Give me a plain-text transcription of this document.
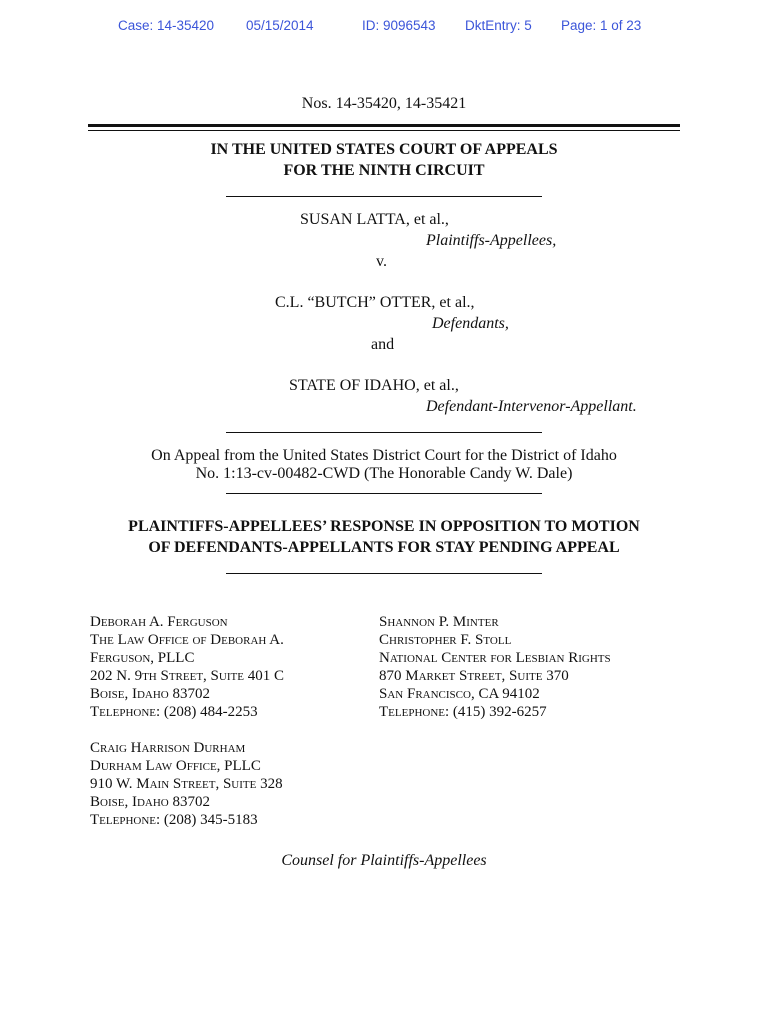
Case: 14-35420 05/15/2014	ID: 9096543 DktEntry: 5 Page: 1 of 23
Nos. 14-35420, 14-35421
IN THE UNITED STATES COURT OF APPEALS
FOR THE NINTH CIRCUIT
SUSAN LATTA, et al.,
Plaintiffs-Appellees,
v.
C.L. “BUTCH” OTTER, et al.,
Defendants,
and
STATE OF IDAHO, et al.,
Defendant-Intervenor-Appellant.
On Appeal from the United States District Court for the District of Idaho
No. 1:13-cv-00482-CWD (The Honorable Candy W. Dale)
PLAINTIFFS-APPELLEES’ RESPONSE IN OPPOSITION TO MOTION
OF DEFENDANTS-APPELLANTS FOR STAY PENDING APPEAL
Deborah A. Ferguson
The Law Office of Deborah A.
Ferguson, PLLC
202 N. 9th Street, Suite 401 C
Boise, Idaho 83702
Telephone: (208) 484-2253
Shannon P. Minter
Christopher F. Stoll
National Center for Lesbian Rights
870 Market Street, Suite 370
San Francisco, CA 94102
Telephone: (415) 392-6257
Craig Harrison Durham
Durham Law Office, PLLC
910 W. Main Street, Suite 328
Boise, Idaho 83702
Telephone: (208) 345-5183
Counsel for Plaintiffs-Appellees
